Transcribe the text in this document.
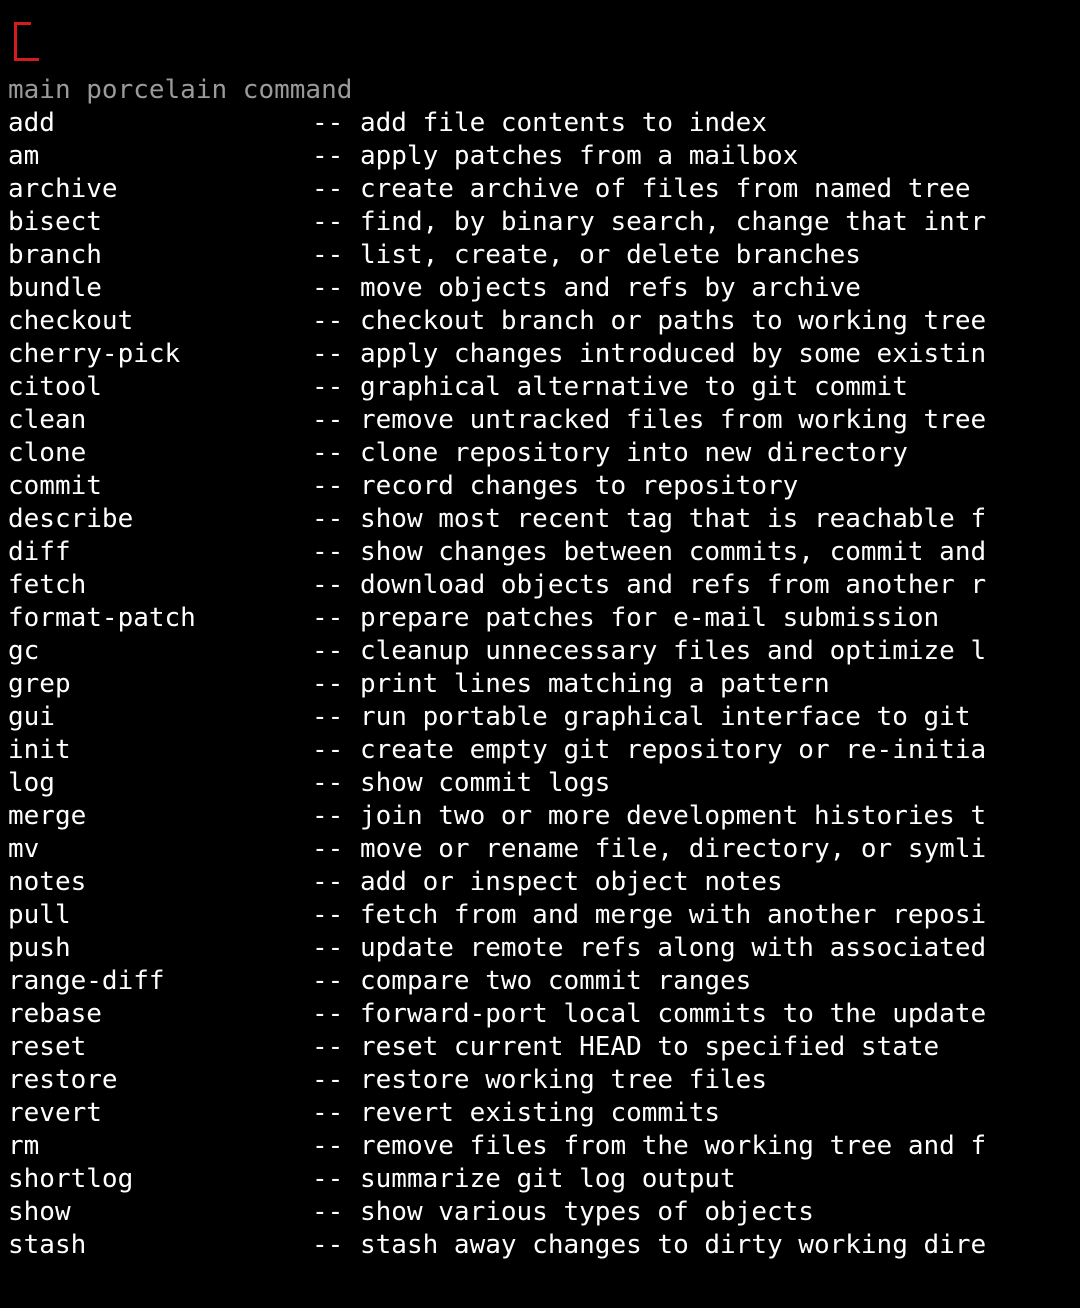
main porcelain command
add	-- add file contents to index
am	-- apply patches from a mailbox
archive	-- create archive of files from named tree
bisect	-- find, by binary search, change that intr
branch	-- list, create, or delete branches
bundle	-- move objects and refs by archive
checkout	-- checkout branch or paths to working tree
cherry-pick	-- apply changes introduced by some existin
citool	-- graphical alternative to git commit
clean	-- remove untracked files from working tree
clone	-- clone repository into new directory
commit	-- record changes to repository
describe	-- show most recent tag that is reachable f
diff	-- show changes between commits, commit and
fetch	-- download objects and refs from another r
format-patch	-- prepare patches for e-mail submission
gc	-- cleanup unnecessary files and optimize l
grep	-- print lines matching a pattern
gui	-- run portable graphical interface to git
init	-- create empty git repository or re-initia
log	-- show commit logs
merge	-- join two or more development histories t
mv	-- move or rename file, directory, or symli
notes	-- add or inspect object notes
pull	-- fetch from and merge with another reposi
push	-- update remote refs along with associated
range-diff	-- compare two commit ranges
rebase	-- forward-port local commits to the update
reset	-- reset current HEAD to specified state
restore	-- restore working tree files
revert	-- revert existing commits
rm	-- remove files from the working tree and f
shortlog	-- summarize git log output
show	-- show various types of objects
stash	-- stash away changes to dirty working dire
